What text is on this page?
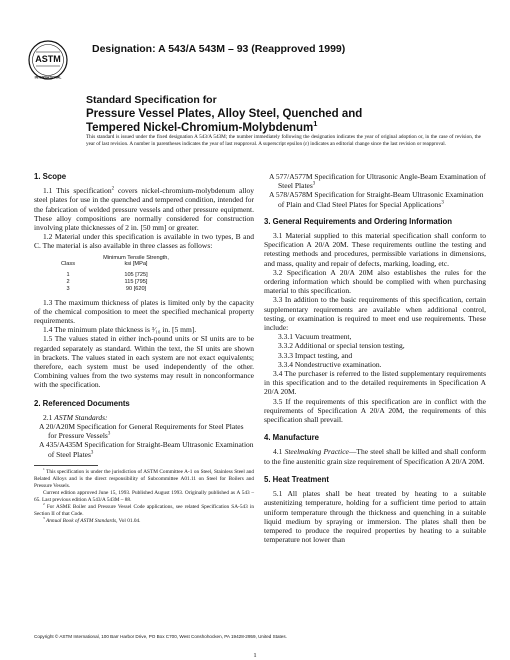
ASTM
INTERNATIONAL
Designation: A 543/A 543M – 93 (Reapproved 1999)
Standard Specification for
Pressure Vessel Plates, Alloy Steel, Quenched and
Tempered Nickel-Chromium-Molybdenum$^1$
This standard is issued under the fixed designation A 543/A 543M; the number immediately following the designation indicates the year of original adoption or, in the case of revision, the year of last revision. A number in parentheses indicates the year of last reapproval. A superscript epsilon (ε) indicates an editorial change since the last revision or reapproval.
1. Scope

1.1 This specification$^2$ covers nickel-chromium-molybdenum alloy steel plates for use in the quenched and tempered condition, intended for the fabrication of welded pressure vessels and other pressure equipment. These alloy compositions are normally considered for construction involving plate thicknesses of 2 in. [50 mm] or greater.

1.2 Material under this specification is available in two types, B and C. The material is also available in three classes as follows:

Class	Minimum Tensile Strength,
	ksi [MPa]

1	105 [725]
2	115 [795]
3	90 [620]

1.3 The maximum thickness of plates is limited only by the capacity of the chemical composition to meet the specified mechanical property requirements.

1.4 The minimum plate thickness is ³⁄₁₆ in. [5 mm].

1.5 The values stated in either inch-pound units or SI units are to be regarded separately as standard. Within the text, the SI units are shown in brackets. The values stated in each system are not exact equivalents; therefore, each system must be used independently of the other. Combining values from the two systems may result in nonconformance with the specification.

2. Referenced Documents

2.1 ASTM Standards:

A 20/A20M Specification for General Requirements for Steel Plates for Pressure Vessels$^3$

A 435/A435M Specification for Straight-Beam Ultrasonic Examination of Steel Plates$^3$

$^1$ This specification is under the jurisdiction of ASTM Committee A-1 on Steel, Stainless Steel and Related Alloys and is the direct responsibility of Subcommittee A01.11 on Steel for Boilers and Pressure Vessels.

Current edition approved June 15, 1993. Published August 1993. Originally published as A 543 – 65. Last previous edition A 543/A 543M – 88.

$^2$ For ASME Boiler and Pressure Vessel Code applications, see related Specification SA-543 in Section II of that Code.

$^3$ Annual Book of ASTM Standards, Vol 01.04.

A 577/A577M Specification for Ultrasonic Angle-Beam Examination of Steel Plates$^3$

A 578/A578M Specification for Straight-Beam Ultrasonic Examination of Plain and Clad Steel Plates for Special Applications$^3$

3. General Requirements and Ordering Information

3.1 Material supplied to this material specification shall conform to Specification A 20/A 20M. These requirements outline the testing and retesting methods and procedures, permissible variations in dimensions, and mass, quality and repair of defects, marking, loading, etc.

3.2 Specification A 20/A 20M also establishes the rules for the ordering information which should be complied with when purchasing material to this specification.

3.3 In addition to the basic requirements of this specification, certain supplementary requirements are available when additional control, testing, or examination is required to meet end use requirements. These include:

3.3.1 Vacuum treatment,

3.3.2 Additional or special tension testing,

3.3.3 Impact testing, and

3.3.4 Nondestructive examination.

3.4 The purchaser is referred to the listed supplementary requirements in this specification and to the detailed requirements in Specification A 20/A 20M.

3.5 If the requirements of this specification are in conflict with the requirements of Specification A 20/A 20M, the requirements of this specification shall prevail.

4. Manufacture

4.1 Steelmaking Practice—The steel shall be killed and shall conform to the fine austenitic grain size requirement of Specification A 20/A 20M.

5. Heat Treatment

5.1 All plates shall be heat treated by heating to a suitable austenitizing temperature, holding for a sufficient time period to attain uniform temperature through the thickness and quenching in a suitable liquid medium by spraying or immersion. The plates shall then be tempered to produce the required properties by heating to a suitable temperature not lower than

Copyright © ASTM International, 100 Barr Harbor Drive, PO Box C700, West Conshohocken, PA 19428-2959, United States.
1
